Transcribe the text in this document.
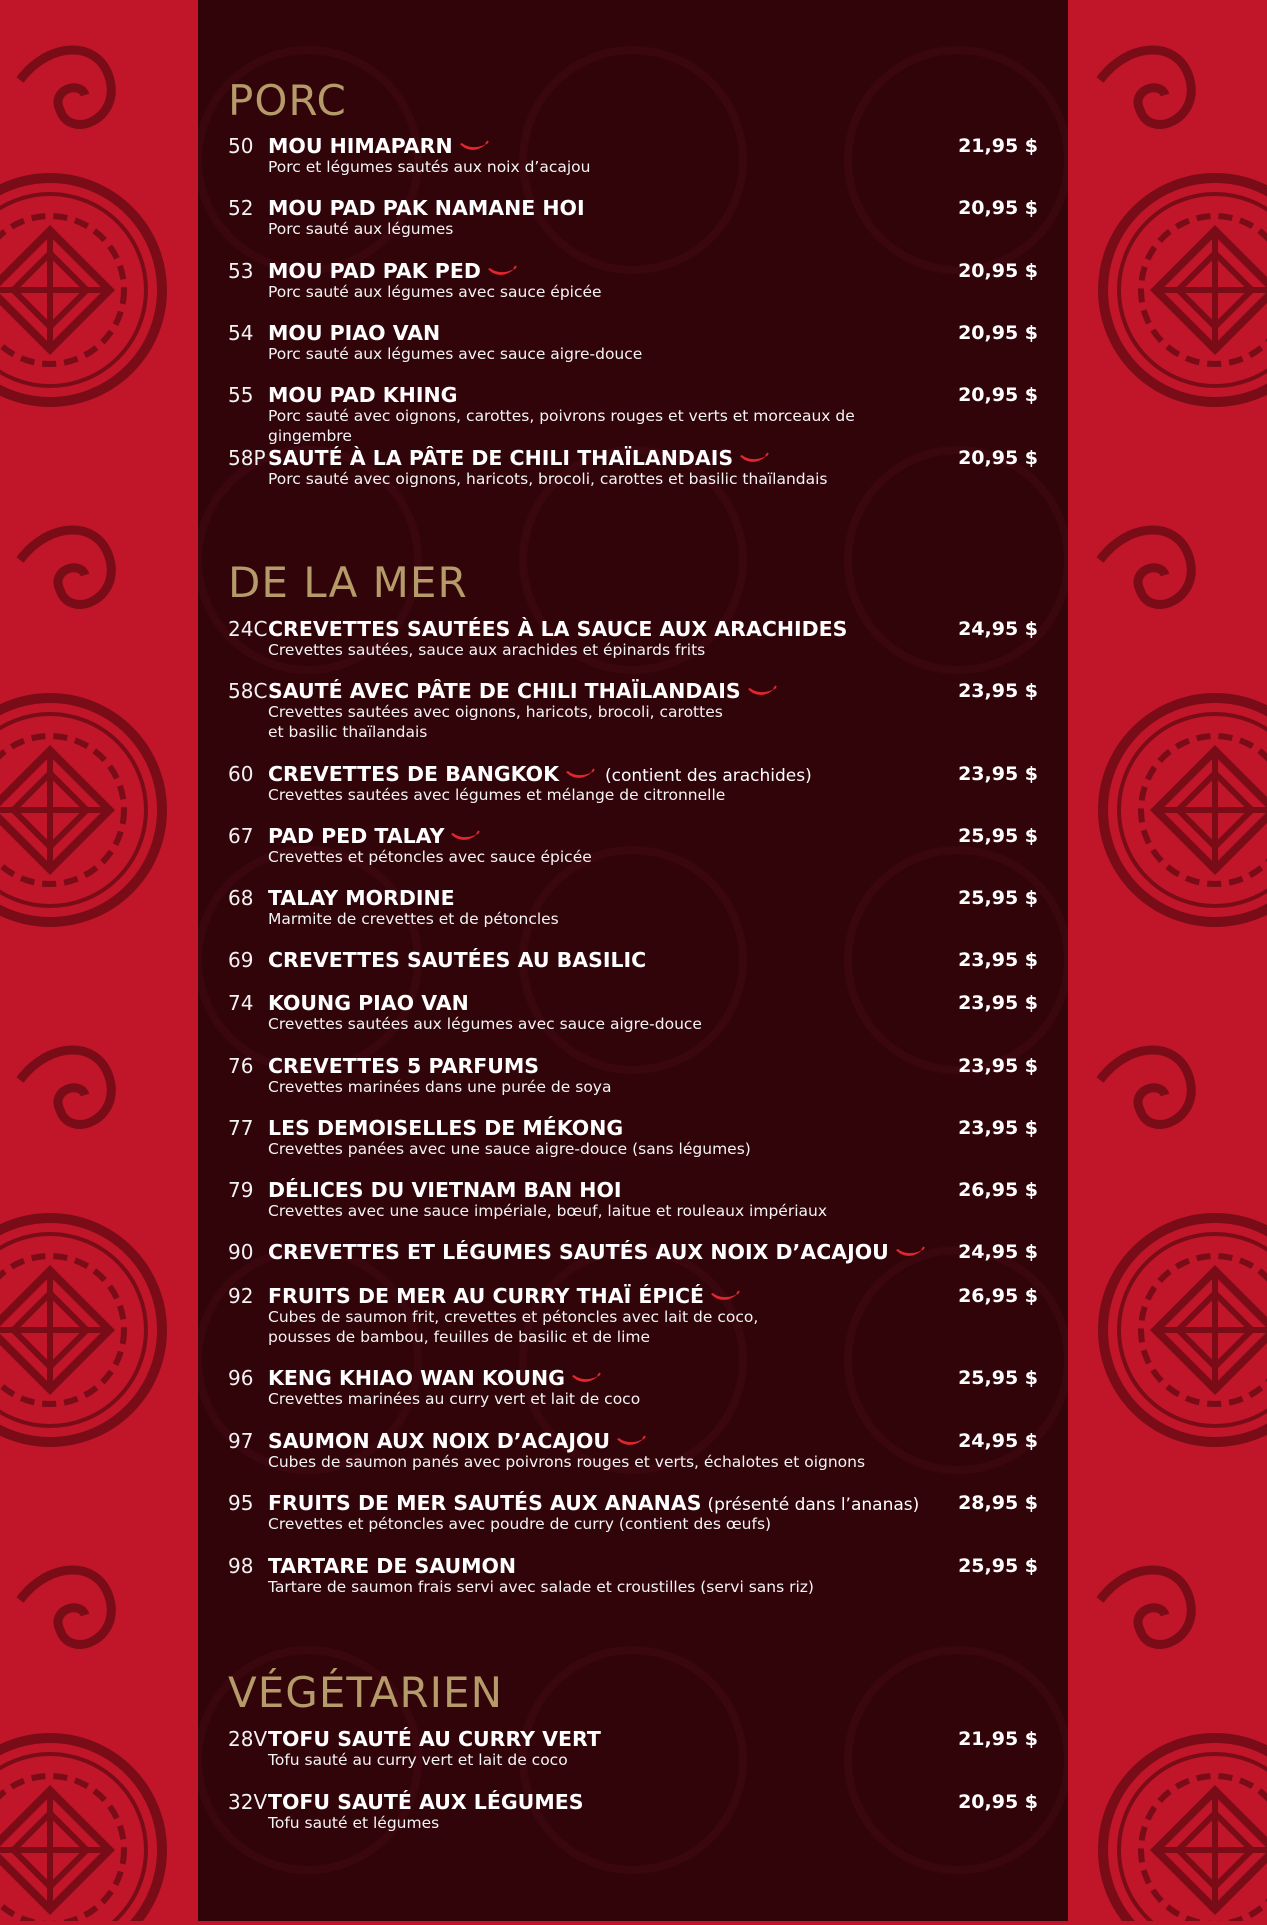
PORC
50 MOU HIMAPARN	21,95 $
Porc et légumes sautés aux noix d’acajou
52 MOU PAD PAK NAMANE HOI	20,95 $
Porc sauté aux légumes
53 MOU PAD PAK PED	20,95 $
Porc sauté aux légumes avec sauce épicée
54 MOU PIAO VAN	20,95 $
Porc sauté aux légumes avec sauce aigre-douce
55 MOU PAD KHING	20,95 $
Porc sauté avec oignons, carottes, poivrons rouges et verts et morceaux de gingembre
58P SAUTÉ À LA PÂTE DE CHILI THAÏLANDAIS	20,95 $
Porc sauté avec oignons, haricots, brocoli, carottes et basilic thaïlandais
DE LA MER
24C CREVETTES SAUTÉES À LA SAUCE AUX ARACHIDES	24,95 $
Crevettes sautées, sauce aux arachides et épinards frits
58C SAUTÉ AVEC PÂTE DE CHILI THAÏLANDAIS	23,95 $
Crevettes sautées avec oignons, haricots, brocoli, carottes
et basilic thaïlandais
60 CREVETTES DE BANGKOK	(contient des arachides)	23,95 $
Crevettes sautées avec légumes et mélange de citronnelle
67 PAD PED TALAY	25,95 $
Crevettes et pétoncles avec sauce épicée
68 TALAY MORDINE	25,95 $
Marmite de crevettes et de pétoncles
69 CREVETTES SAUTÉES AU BASILIC	23,95 $
74 KOUNG PIAO VAN	23,95 $
Crevettes sautées aux légumes avec sauce aigre-douce
76 CREVETTES 5 PARFUMS	23,95 $
Crevettes marinées dans une purée de soya
77 LES DEMOISELLES DE MÉKONG	23,95 $
Crevettes panées avec une sauce aigre-douce (sans légumes)
79 DÉLICES DU VIETNAM BAN HOI	26,95 $
Crevettes avec une sauce impériale, bœuf, laitue et rouleaux impériaux
90 CREVETTES ET LÉGUMES SAUTÉS AUX NOIX D’ACAJOU	24,95 $
92 FRUITS DE MER AU CURRY THAÏ ÉPICÉ	26,95 $
Cubes de saumon frit, crevettes et pétoncles avec lait de coco,
pousses de bambou, feuilles de basilic et de lime
96 KENG KHIAO WAN KOUNG	25,95 $
Crevettes marinées au curry vert et lait de coco
97 SAUMON AUX NOIX D’ACAJOU	24,95 $
Cubes de saumon panés avec poivrons rouges et verts, échalotes et oignons
95 FRUITS DE MER SAUTÉS AUX ANANAS (présenté dans l’ananas) 28,95 $
Crevettes et pétoncles avec poudre de curry (contient des œufs)
98 TARTARE DE SAUMON	25,95 $
Tartare de saumon frais servi avec salade et croustilles (servi sans riz)
VÉGÉTARIEN
28V TOFU SAUTÉ AU CURRY VERT	21,95 $
Tofu sauté au curry vert et lait de coco
32V TOFU SAUTÉ AUX LÉGUMES	20,95 $
Tofu sauté et légumes
